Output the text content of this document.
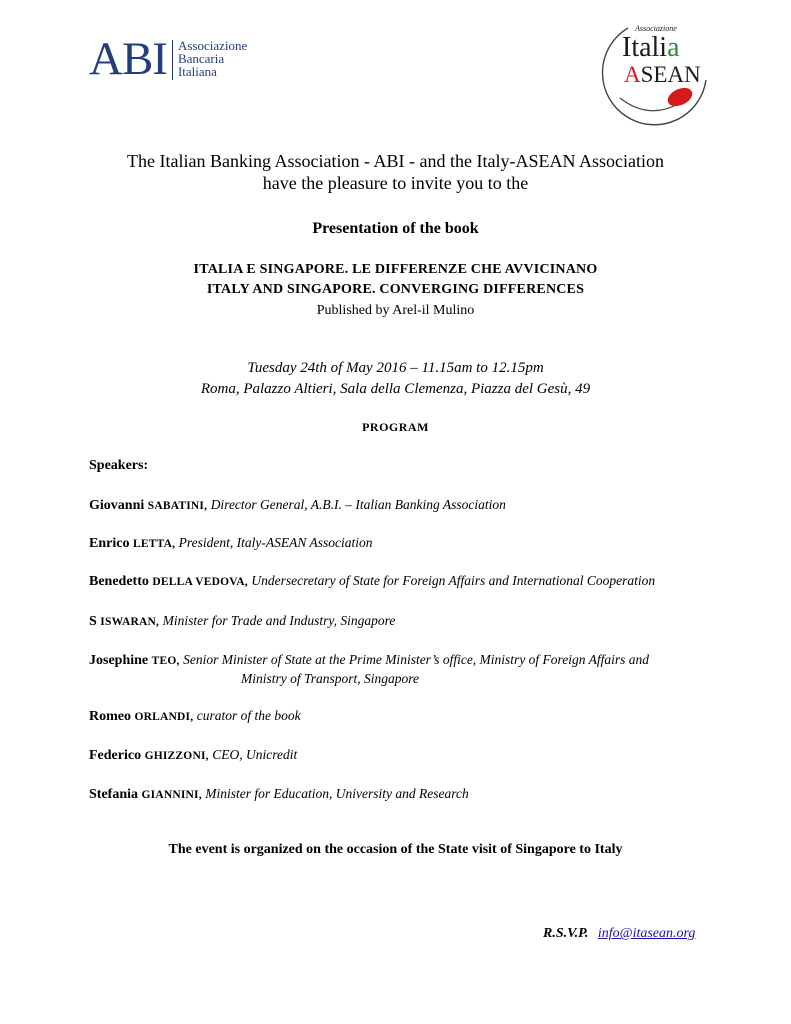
ABI Associazione
Bancaria
Italiana
Associazione
Italia
ASEAN
The Italian Banking Association - ABI - and the Italy-ASEAN Association
have the pleasure to invite you to the
Presentation of the book
ITALIA E SINGAPORE. LE DIFFERENZE CHE AVVICINANO
ITALY AND SINGAPORE. CONVERGING DIFFERENCES
Published by Arel-il Mulino
Tuesday 24th of May 2016 – 11.15am to 12.15pm
Roma, Palazzo Altieri, Sala della Clemenza, Piazza del Gesù, 49
PROGRAM
Speakers:
Giovanni SABATINI, Director General, A.B.I. – Italian Banking Association
Enrico LETTA, President, Italy-ASEAN Association
Benedetto DELLA VEDOVA, Undersecretary of State for Foreign Affairs and International Cooperation
S ISWARAN, Minister for Trade and Industry, Singapore
Josephine TEO, Senior Minister of State at the Prime Minister’s office, Ministry of Foreign Affairs and
Ministry of Transport, Singapore
Romeo ORLANDI, curator of the book
Federico GHIZZONI, CEO, Unicredit
Stefania GIANNINI, Minister for Education, University and Research
The event is organized on the occasion of the State visit of Singapore to Italy
R.S.V.P. info@itasean.org
